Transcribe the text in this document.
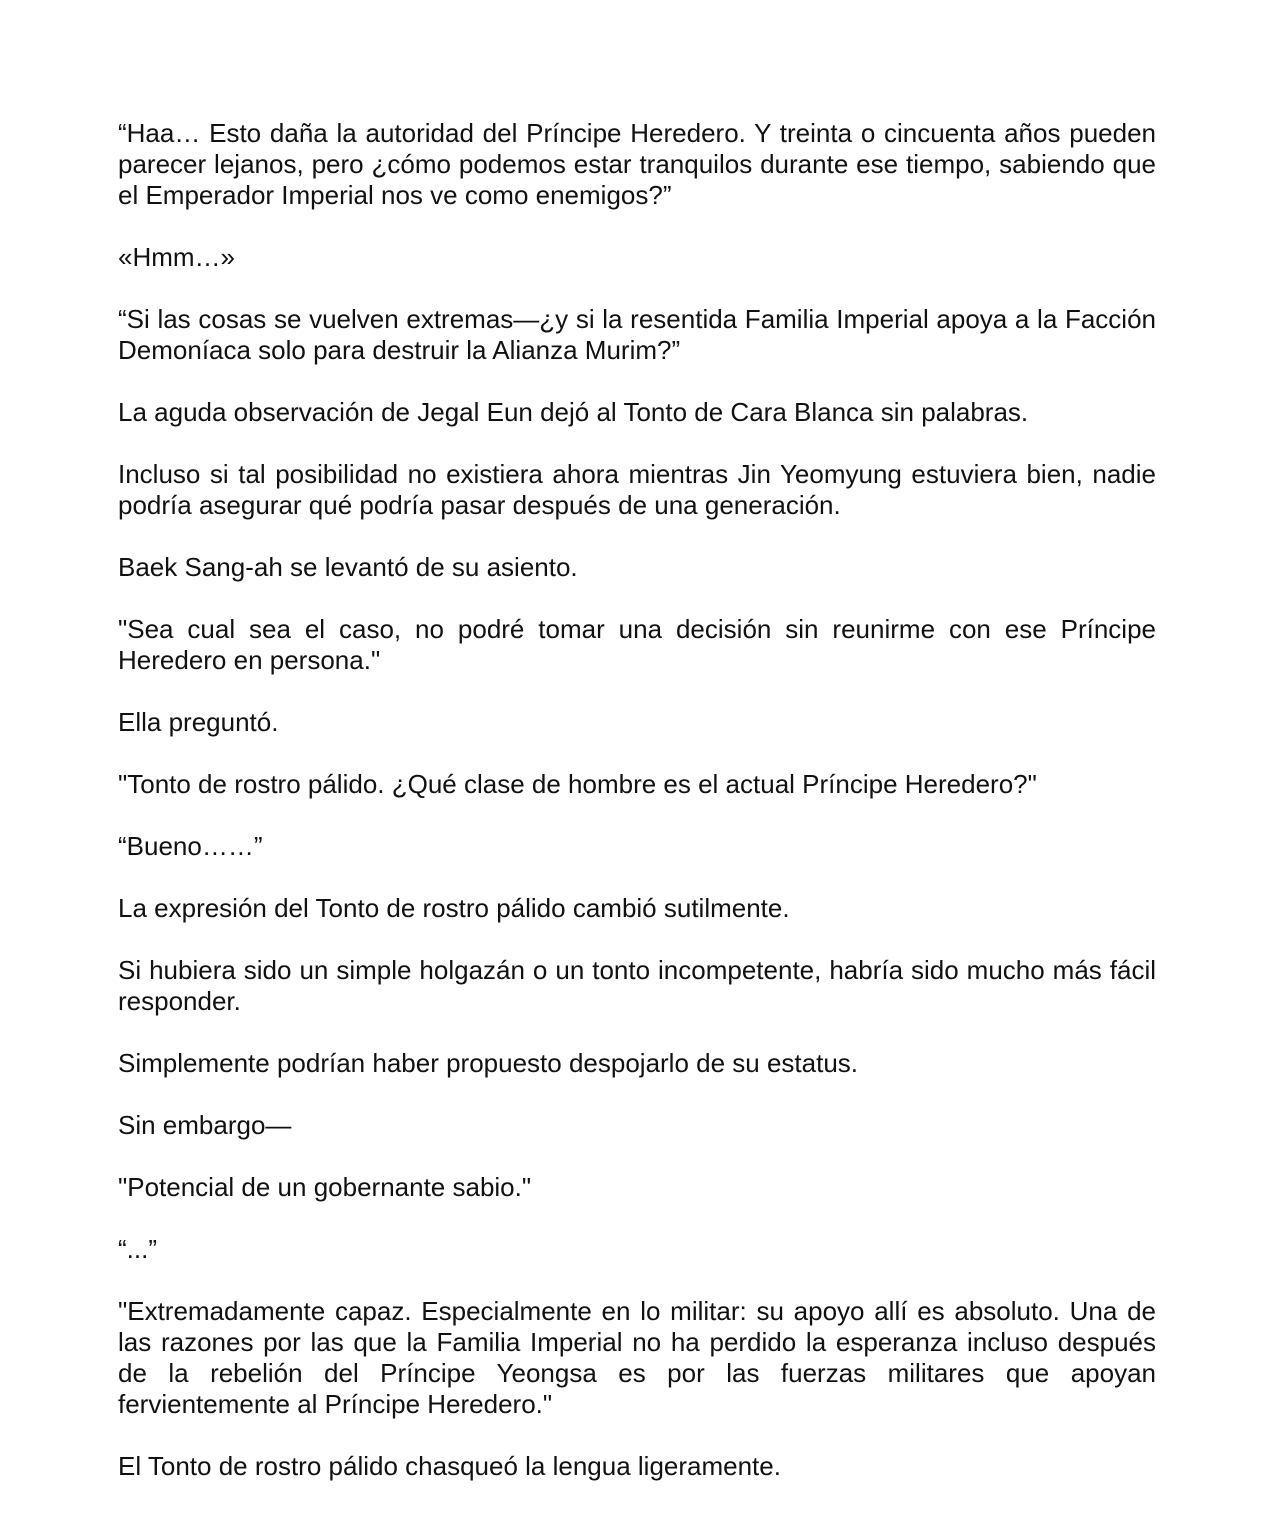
“Haa… Esto daña la autoridad del Príncipe Heredero. Y treinta o cincuenta años pueden parecer lejanos, pero ¿cómo podemos estar tranquilos durante ese tiempo, sabiendo que el Emperador Imperial nos ve como enemigos?”

«Hmm…»

“Si las cosas se vuelven extremas—¿y si la resentida Familia Imperial apoya a la Facción Demoníaca solo para destruir la Alianza Murim?”

La aguda observación de Jegal Eun dejó al Tonto de Cara Blanca sin palabras.

Incluso si tal posibilidad no existiera ahora mientras Jin Yeomyung estuviera bien, nadie podría asegurar qué podría pasar después de una generación.

Baek Sang-ah se levantó de su asiento.

"Sea cual sea el caso, no podré tomar una decisión sin reunirme con ese Príncipe Heredero en persona."

Ella preguntó.

"Tonto de rostro pálido. ¿Qué clase de hombre es el actual Príncipe Heredero?"

“Bueno……”

La expresión del Tonto de rostro pálido cambió sutilmente.

Si hubiera sido un simple holgazán o un tonto incompetente, habría sido mucho más fácil responder.

Simplemente podrían haber propuesto despojarlo de su estatus.

Sin embargo—

"Potencial de un gobernante sabio."

“...”

"Extremadamente capaz. Especialmente en lo militar: su apoyo allí es absoluto. Una de las razones por las que la Familia Imperial no ha perdido la esperanza incluso después de la rebelión del Príncipe Yeongsa es por las fuerzas militares que apoyan fervientemente al Príncipe Heredero."

El Tonto de rostro pálido chasqueó la lengua ligeramente.
